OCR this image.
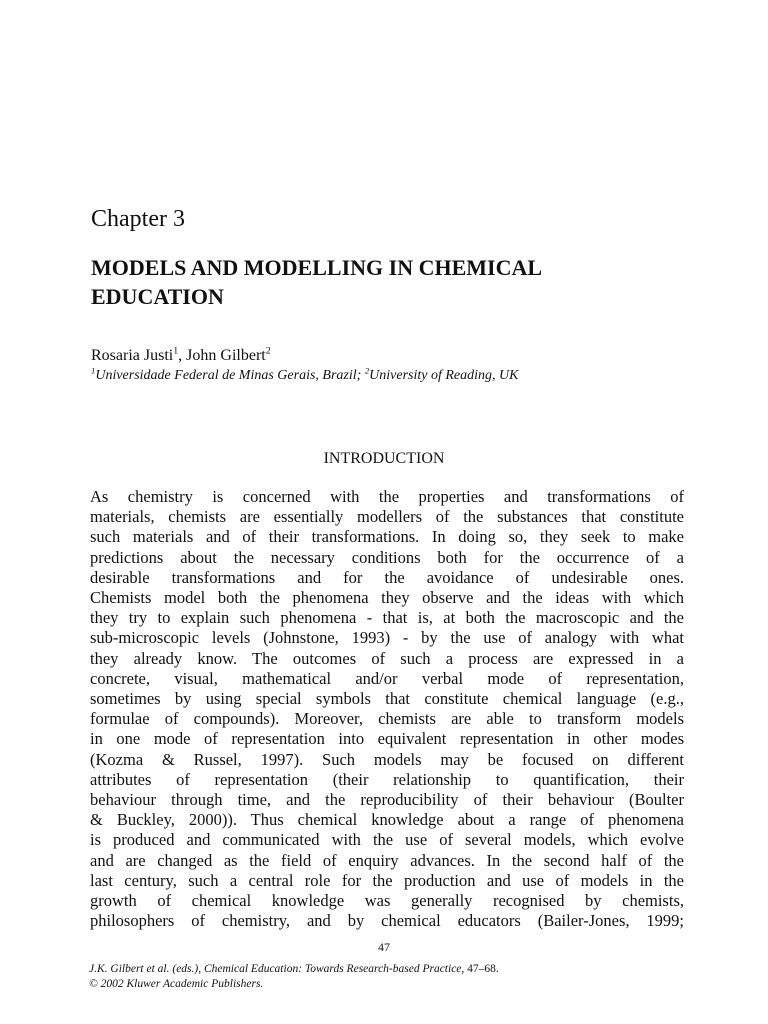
Chapter 3
MODELS AND MODELLING IN CHEMICAL
EDUCATION
Rosaria Justi$^1$, John Gilbert$^2$
$^1$Universidade Federal de Minas Gerais, Brazil; $^2$University of Reading, UK
INTRODUCTION
As chemistry is concerned with the properties and transformations of
materials, chemists are essentially modellers of the substances that constitute
such materials and of their transformations. In doing so, they seek to make
predictions about the necessary conditions both for the occurrence of a
desirable transformations and for the avoidance of undesirable ones.
Chemists model both the phenomena they observe and the ideas with which
they try to explain such phenomena - that is, at both the macroscopic and the
sub-microscopic levels (Johnstone, 1993) - by the use of analogy with what
they already know. The outcomes of such a process are expressed in a
concrete, visual, mathematical and/or verbal mode of representation,
sometimes by using special symbols that constitute chemical language (e.g.,
formulae of compounds). Moreover, chemists are able to transform models
in one mode of representation into equivalent representation in other modes
(Kozma & Russel, 1997). Such models may be focused on different
attributes of representation (their relationship to quantification, their
behaviour through time, and the reproducibility of their behaviour (Boulter
& Buckley, 2000)). Thus chemical knowledge about a range of phenomena
is produced and communicated with the use of several models, which evolve
and are changed as the field of enquiry advances. In the second half of the
last century, such a central role for the production and use of models in the
growth of chemical knowledge was generally recognised by chemists,
philosophers of chemistry, and by chemical educators (Bailer-Jones, 1999;
47
J.K. Gilbert et al. (eds.), Chemical Education: Towards Research-based Practice, 47–68.
© 2002 Kluwer Academic Publishers.
